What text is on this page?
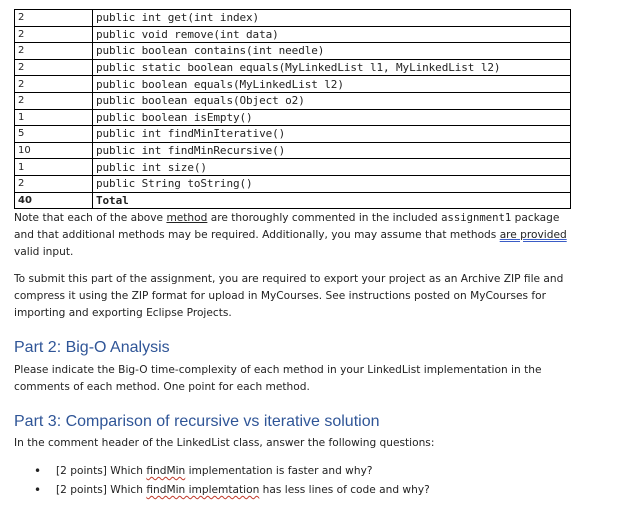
2	public int get(int index)
2	public void remove(int data)
2	public boolean contains(int needle)
2	public static boolean equals(MyLinkedList l1, MyLinkedList l2)
2	public boolean equals(MyLinkedList l2)
2	public boolean equals(Object o2)
1	public boolean isEmpty()
5	public int findMinIterative()
10	public int findMinRecursive()
1	public int size()
2	public String toString()
40	Total

Note that each of the above method are thoroughly commented in the included assignment1 package and that additional methods may be required. Additionally, you may assume that methods are provided valid input.

To submit this part of the assignment, you are required to export your project as an Archive ZIP file and compress it using the ZIP format for upload in MyCourses. See instructions posted on MyCourses for importing and exporting Eclipse Projects.

Part 2: Big-O Analysis

Please indicate the Big-O time-complexity of each method in your LinkedList implementation in the comments of each method. One point for each method.

Part 3: Comparison of recursive vs iterative solution

In the comment header of the LinkedList class, answer the following questions:

• [2 points] Which findMin implementation is faster and why?
• [2 points] Which findMin implemtation has less lines of code and why?
